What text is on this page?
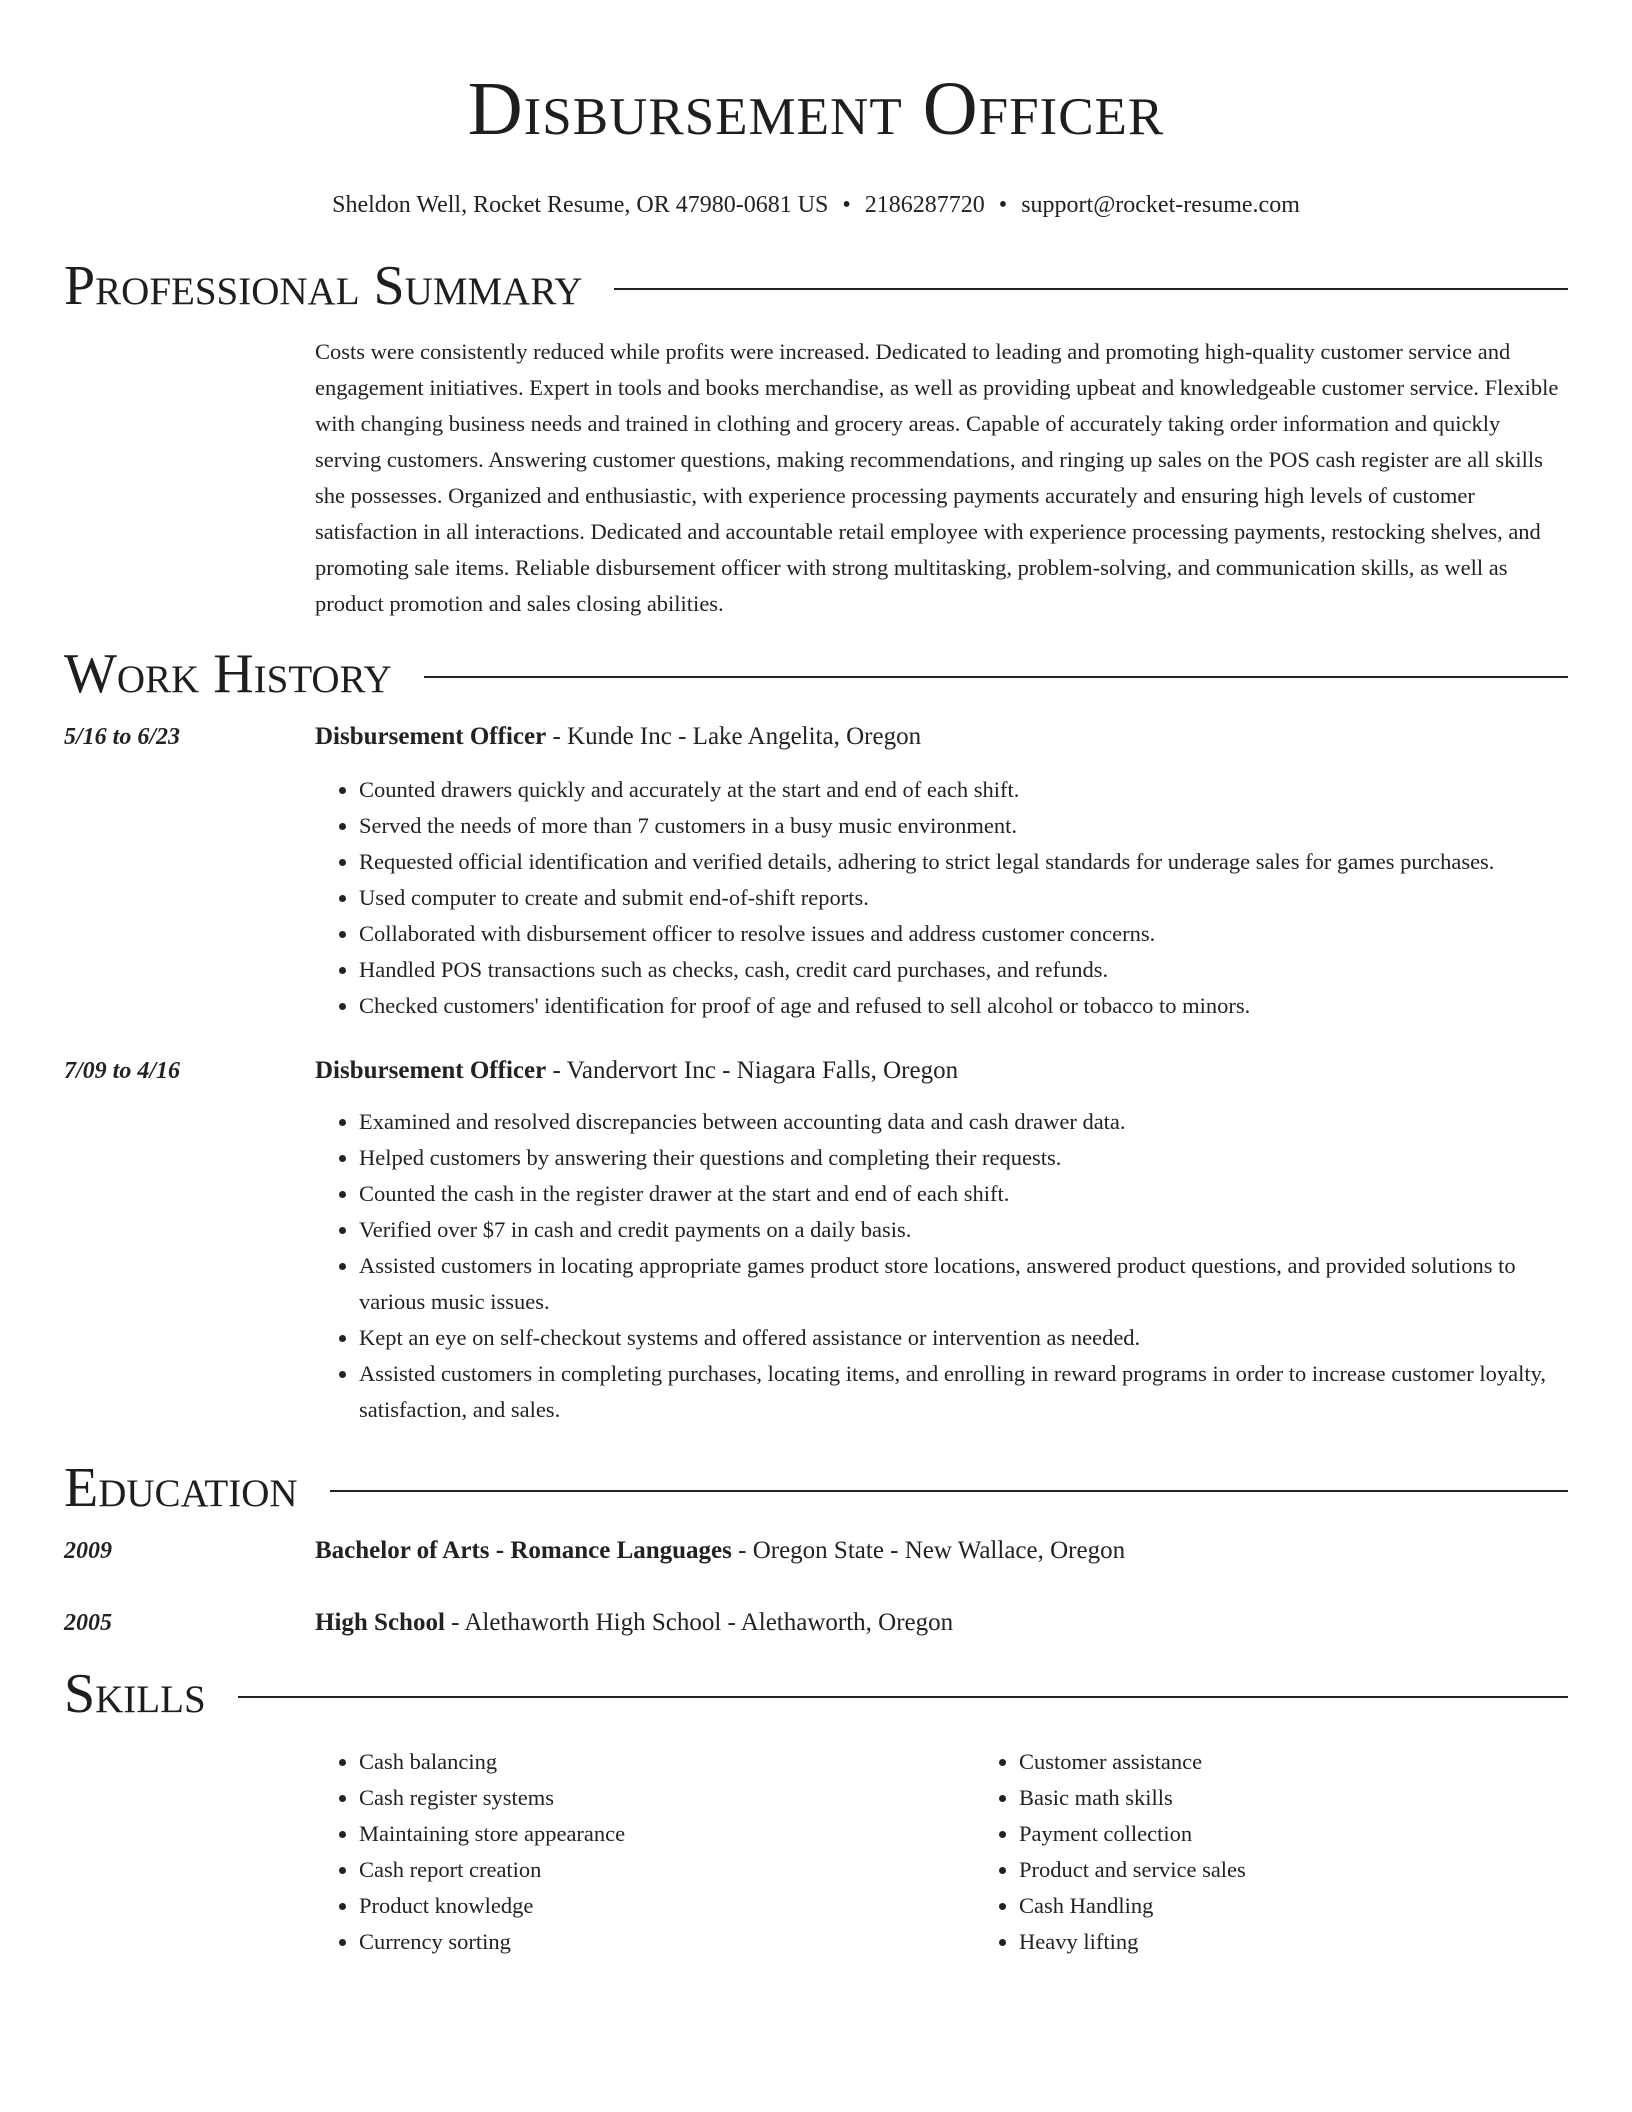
Disbursement Officer
Sheldon Well, Rocket Resume, OR 47980-0681 US • 2186287720 • support@rocket-resume.com
Professional Summary
Costs were consistently reduced while profits were increased. Dedicated to leading and promoting high-quality customer service and engagement initiatives. Expert in tools and books merchandise, as well as providing upbeat and knowledgeable customer service. Flexible with changing business needs and trained in clothing and grocery areas. Capable of accurately taking order information and quickly serving customers. Answering customer questions, making recommendations, and ringing up sales on the POS cash register are all skills she possesses. Organized and enthusiastic, with experience processing payments accurately and ensuring high levels of customer satisfaction in all interactions. Dedicated and accountable retail employee with experience processing payments, restocking shelves, and promoting sale items. Reliable disbursement officer with strong multitasking, problem-solving, and communication skills, as well as product promotion and sales closing abilities.
Work History
5/16 to 6/23	Disbursement Officer - Kunde Inc - Lake Angelita, Oregon
• Counted drawers quickly and accurately at the start and end of each shift.
• Served the needs of more than 7 customers in a busy music environment.
• Requested official identification and verified details, adhering to strict legal standards for underage sales for games purchases.
• Used computer to create and submit end-of-shift reports.
• Collaborated with disbursement officer to resolve issues and address customer concerns.
• Handled POS transactions such as checks, cash, credit card purchases, and refunds.
• Checked customers' identification for proof of age and refused to sell alcohol or tobacco to minors.
7/09 to 4/16	Disbursement Officer - Vandervort Inc - Niagara Falls, Oregon
• Examined and resolved discrepancies between accounting data and cash drawer data.
• Helped customers by answering their questions and completing their requests.
• Counted the cash in the register drawer at the start and end of each shift.
• Verified over $7 in cash and credit payments on a daily basis.
• Assisted customers in locating appropriate games product store locations, answered product questions, and provided solutions to various music issues.
• Kept an eye on self-checkout systems and offered assistance or intervention as needed.
• Assisted customers in completing purchases, locating items, and enrolling in reward programs in order to increase customer loyalty, satisfaction, and sales.
Education
2009	Bachelor of Arts - Romance Languages - Oregon State - New Wallace, Oregon
2005	High School - Alethaworth High School - Alethaworth, Oregon
Skills
• Cash balancing
• Cash register systems
• Maintaining store appearance
• Cash report creation
• Product knowledge
• Currency sorting
• Customer assistance
• Basic math skills
• Payment collection
• Product and service sales
• Cash Handling
• Heavy lifting
